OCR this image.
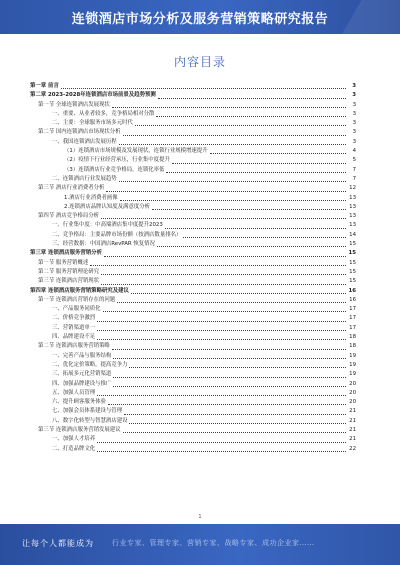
连锁酒店市场分析及服务营销策略研究报告
内容目录
第一章 前言	3
第二章 2023-2028年连锁酒店市场前景及趋势预测	3
第一节 全球连锁酒店发展现状	3
一、重要、从业者较多，竞争格局相对分散	3
二、主要：全球服务市场多元时代	3
第二节 国内连锁酒店市场现状分析	3
一、我国连锁酒店发展历程	3
（1）连锁酒店市场规模及发展现状，连锁行业规模增速提升	4
（2）疫情下行业经营承压，行业集中度提升	5
（3）连锁酒店行业竞争格局，连锁化率低	7
二、连锁酒店行业发展趋势	7
第三节 酒店行业消费者分析	12
1.酒店行业消费者画像	13
2.连锁酒店品牌认知度及满意度分析	13
第四节 酒店竞争格局分析	13
一、行业集中度：中高端酒店集中度提升2023	13
二、竞争格局：主要品牌市场份额（按酒店数量排名）	14
三、经营数据：中国酒店RevPAR 恢复情况	15
第三章 连锁酒店服务营销分析	15
第一节 服务营销概述	15
第二节 服务营销理论研究	15
第三节 连锁酒店营销现状	15
第四章 连锁酒店服务营销策略研究及建议	16
第一节 连锁酒店营销存在的问题	16
一、产品服务同质化	17
二、价格竞争激烈	17
三、营销渠道单一	17
四、品牌建设不足	18
第二节 连锁酒店服务营销策略	18
一、完善产品与服务结构	19
二、优化定价策略，提高竞争力	19
三、拓展多元化营销渠道	19
四、加强品牌建设与推广	20
五、加强人员管理	20
六、提升顾客服务体验	20
七、加强会员体系建设与管理	21
八、数字化转型与智慧酒店建设	21
第三节 连锁酒店服务营销发展建议	21
一、加强人才培养	21
二、打造品牌文化	22
1
让每个人都能成为	行业专家、管理专家、营销专家、战略专家、成功企业家……
